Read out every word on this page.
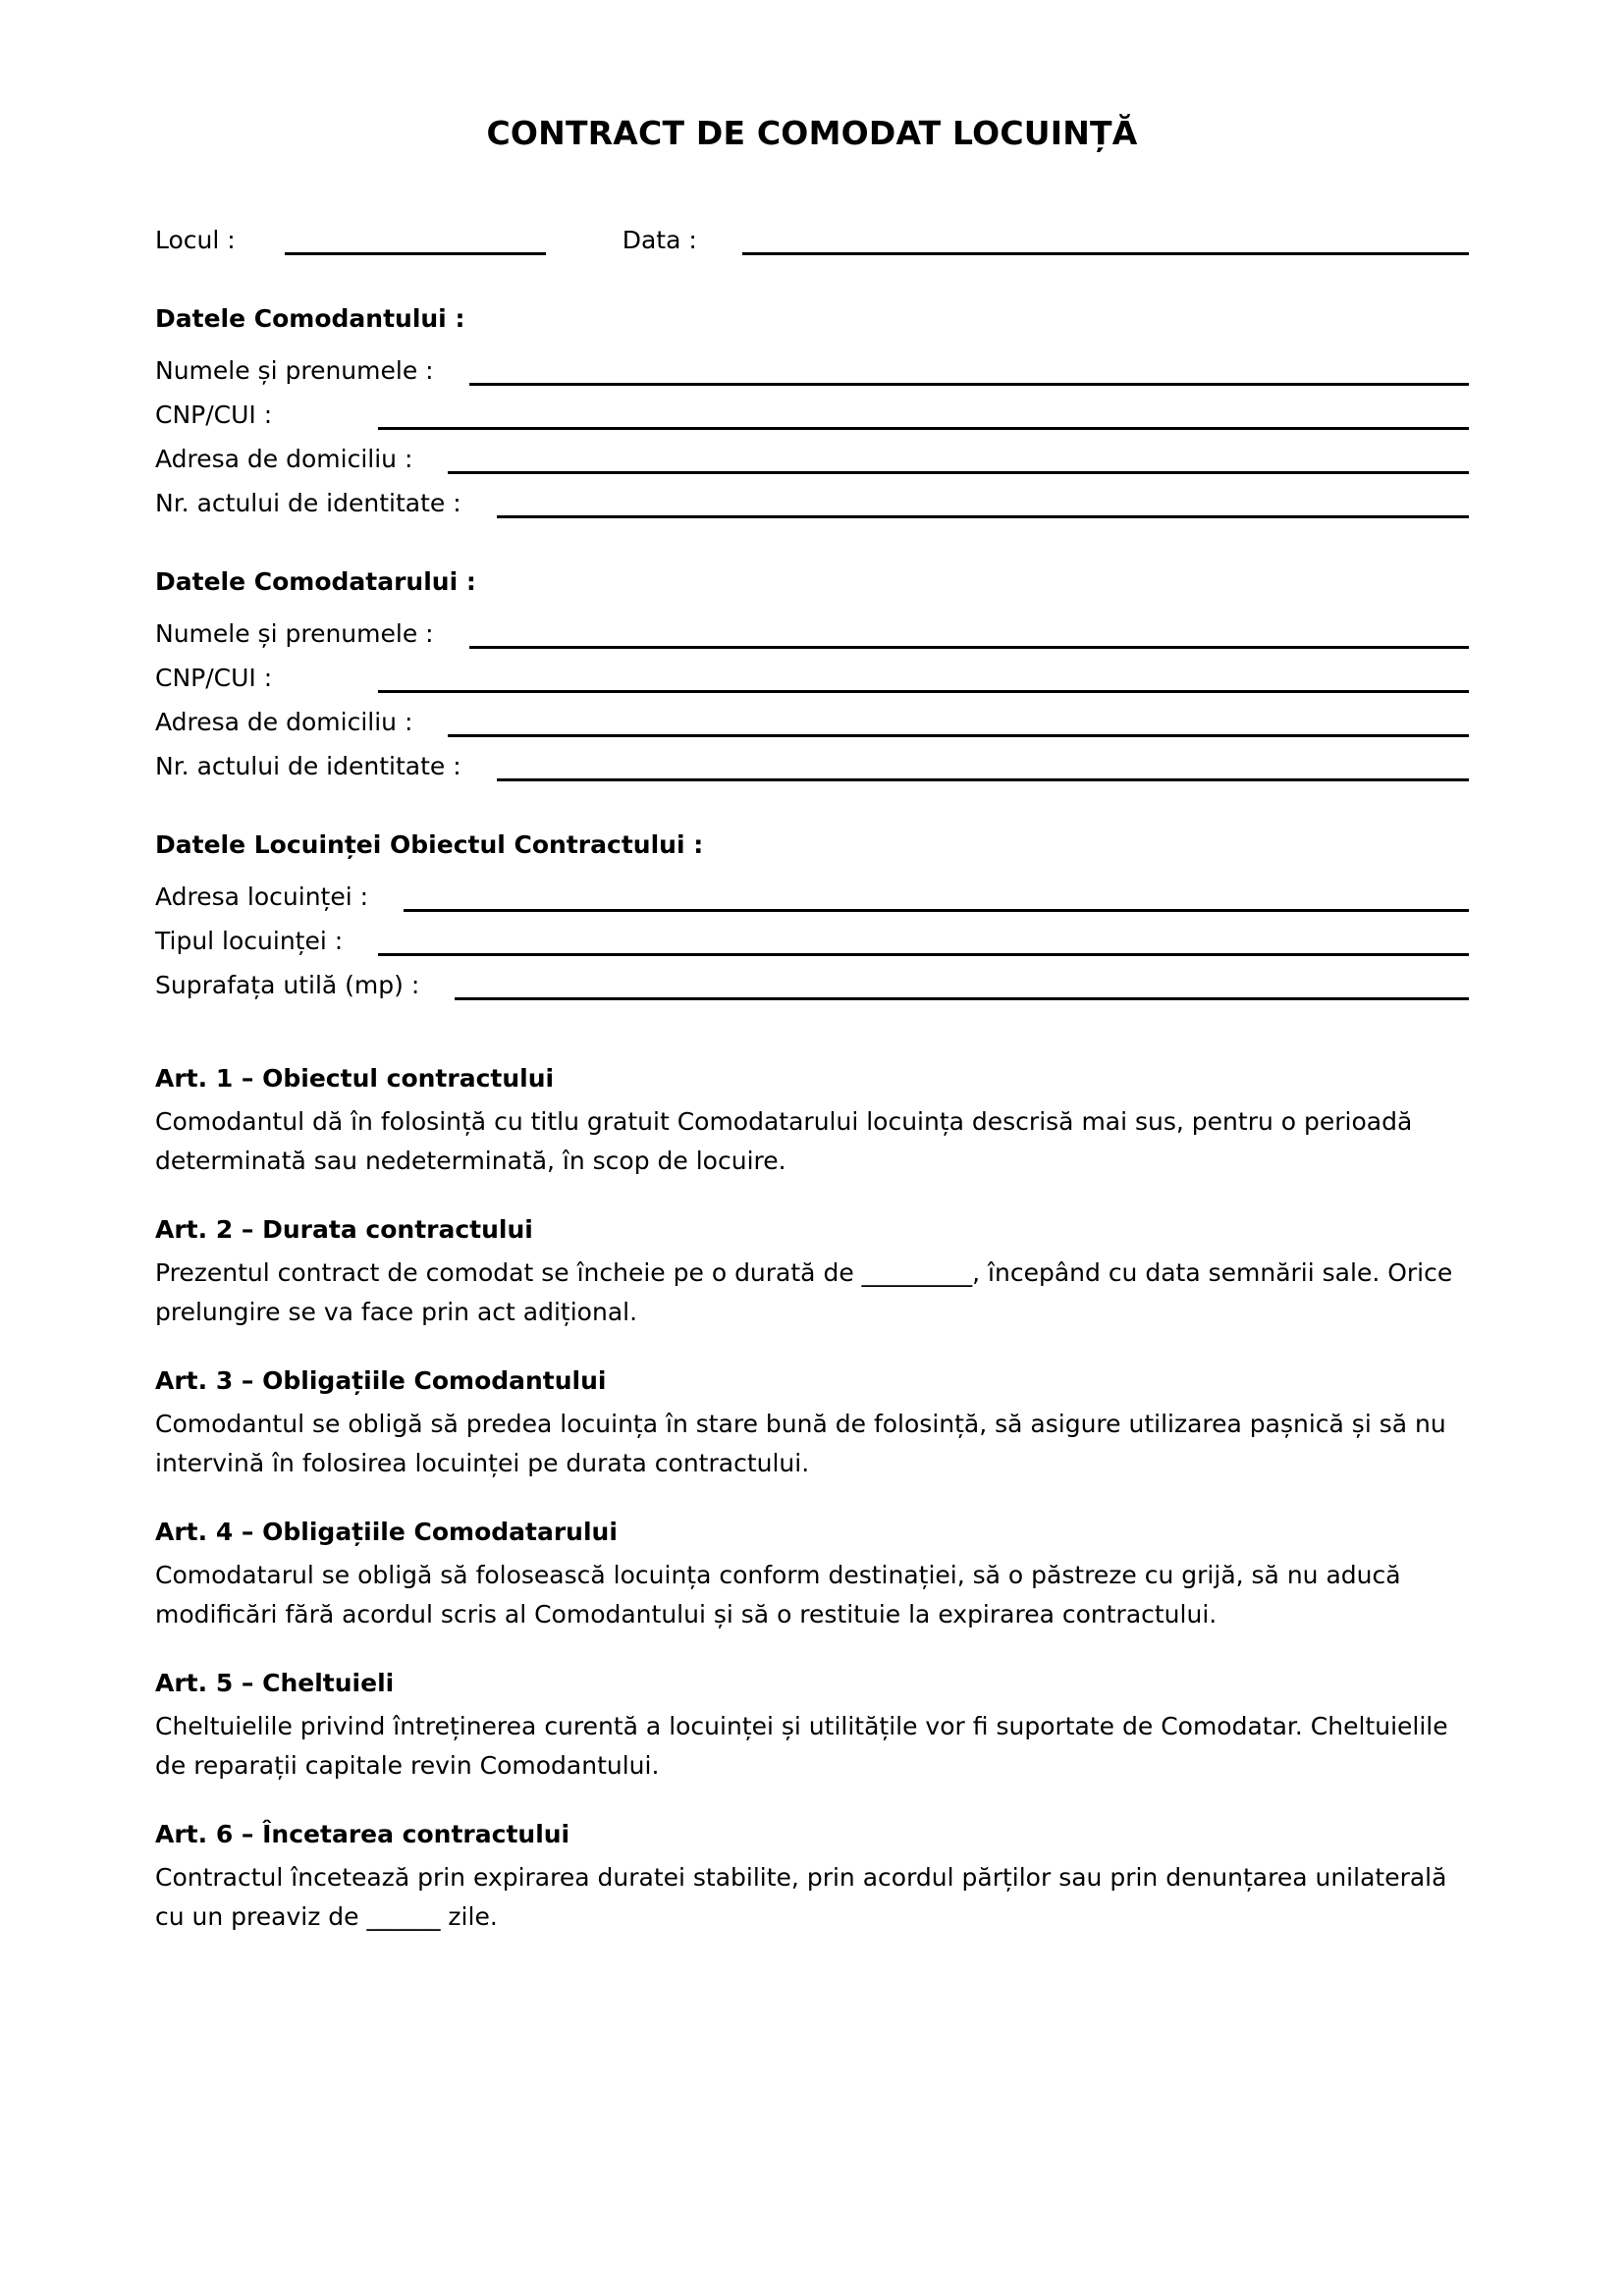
CONTRACT DE COMODAT LOCUINȚĂ
Locul :	Data :
Datele Comodantului :
Numele și prenumele :
CNP/CUI :
Adresa de domiciliu :
Nr. actului de identitate :
Datele Comodatarului :
Numele și prenumele :
CNP/CUI :
Adresa de domiciliu :
Nr. actului de identitate :
Datele Locuinței Obiectul Contractului :
Adresa locuinței :
Tipul locuinței :
Suprafața utilă (mp) :
Art. 1 – Obiectul contractului
Comodantul dă în folosință cu titlu gratuit Comodatarului locuința descrisă mai sus, pentru o perioadă determinată sau nedeterminată, în scop de locuire.
Art. 2 – Durata contractului
Prezentul contract de comodat se încheie pe o durată de _________, începând cu data semnării sale. Orice prelungire se va face prin act adițional.
Art. 3 – Obligațiile Comodantului
Comodantul se obligă să predea locuința în stare bună de folosință, să asigure utilizarea pașnică și să nu intervină în folosirea locuinței pe durata contractului.
Art. 4 – Obligațiile Comodatarului
Comodatarul se obligă să folosească locuința conform destinației, să o păstreze cu grijă, să nu aducă modificări fără acordul scris al Comodantului și să o restituie la expirarea contractului.
Art. 5 – Cheltuieli
Cheltuielile privind întreținerea curentă a locuinței și utilitățile vor fi suportate de Comodatar. Cheltuielile de reparații capitale revin Comodantului.
Art. 6 – Încetarea contractului
Contractul încetează prin expirarea duratei stabilite, prin acordul părților sau prin denunțarea unilaterală cu un preaviz de ______ zile.
